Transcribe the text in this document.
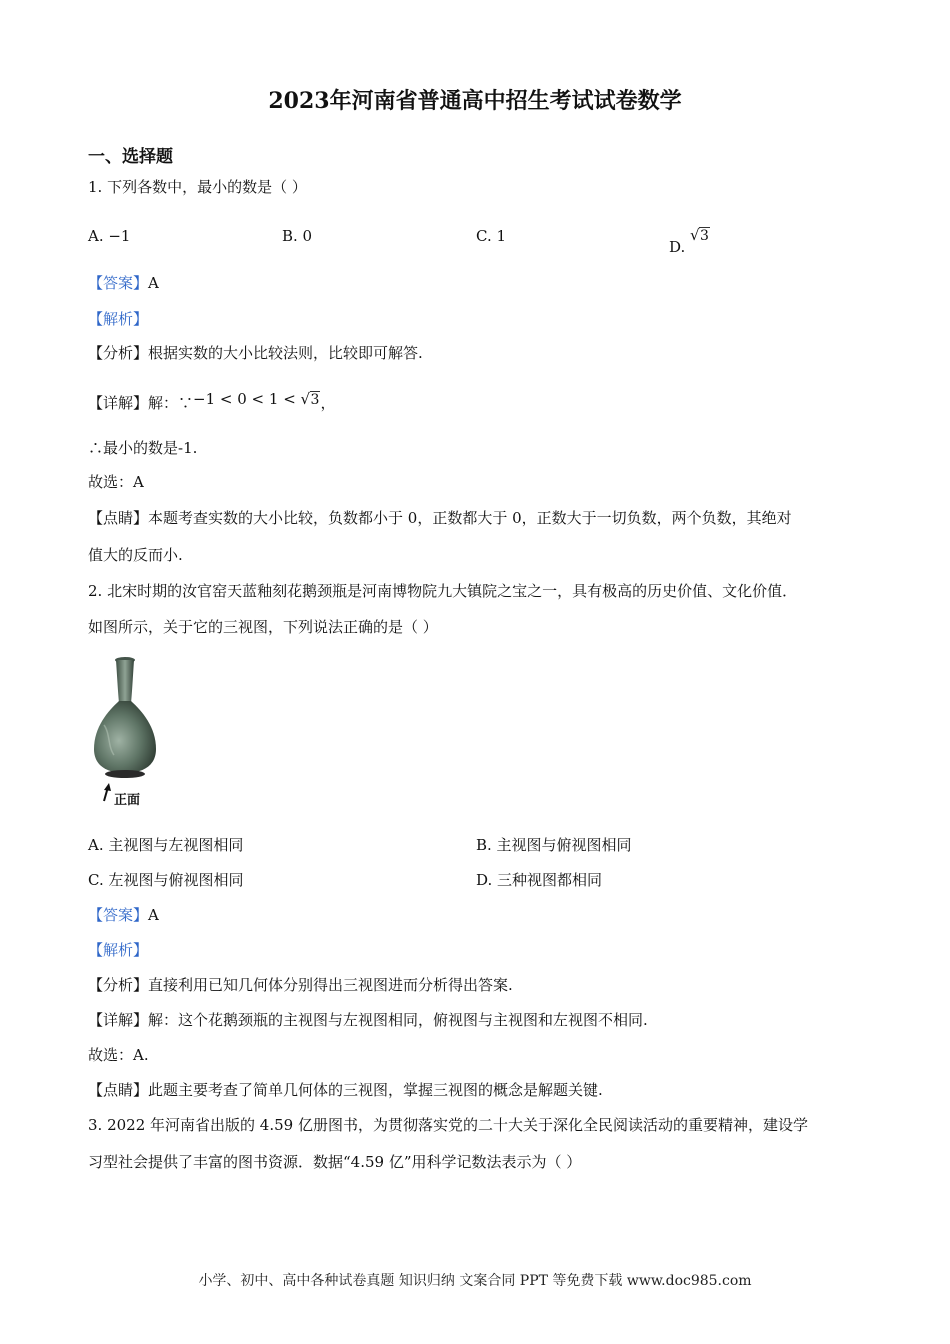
2023年河南省普通高中招生考试试卷数学
一、选择题
1. 下列各数中，最小的数是（ ）
A. −1	B. 0	C. 1
D.
√ 3
【答案】A
【解析】
【分析】根据实数的大小比较法则，比较即可解答.
【详解】解：∵−1 < 0 < 1 < √ 3，
∴最小的数是-1.
故选：A
【点睛】本题考查实数的大小比较，负数都小于 0，正数都大于 0，正数大于一切负数，两个负数，其绝对
值大的反而小.
2. 北宋时期的汝官窑天蓝釉刻花鹅颈瓶是河南博物院九大镇院之宝之一，具有极高的历史价值、文化价值．
如图所示，关于它的三视图，下列说法正确的是（ ）
正面
A. 主视图与左视图相同	B. 主视图与俯视图相同
C. 左视图与俯视图相同	D. 三种视图都相同
【答案】A
【解析】
【分析】直接利用已知几何体分别得出三视图进而分析得出答案.
【详解】解：这个花鹅颈瓶的主视图与左视图相同，俯视图与主视图和左视图不相同.
故选：A.
【点睛】此题主要考查了简单几何体的三视图，掌握三视图的概念是解题关键.
3. 2022 年河南省出版的 4.59 亿册图书，为贯彻落实党的二十大关于深化全民阅读活动的重要精神，建设学
习型社会提供了丰富的图书资源．数据“4.59 亿”用科学记数法表示为（ ）
小学、初中、高中各种试卷真题 知识归纳 文案合同 PPT 等免费下载 www.doc985.com
